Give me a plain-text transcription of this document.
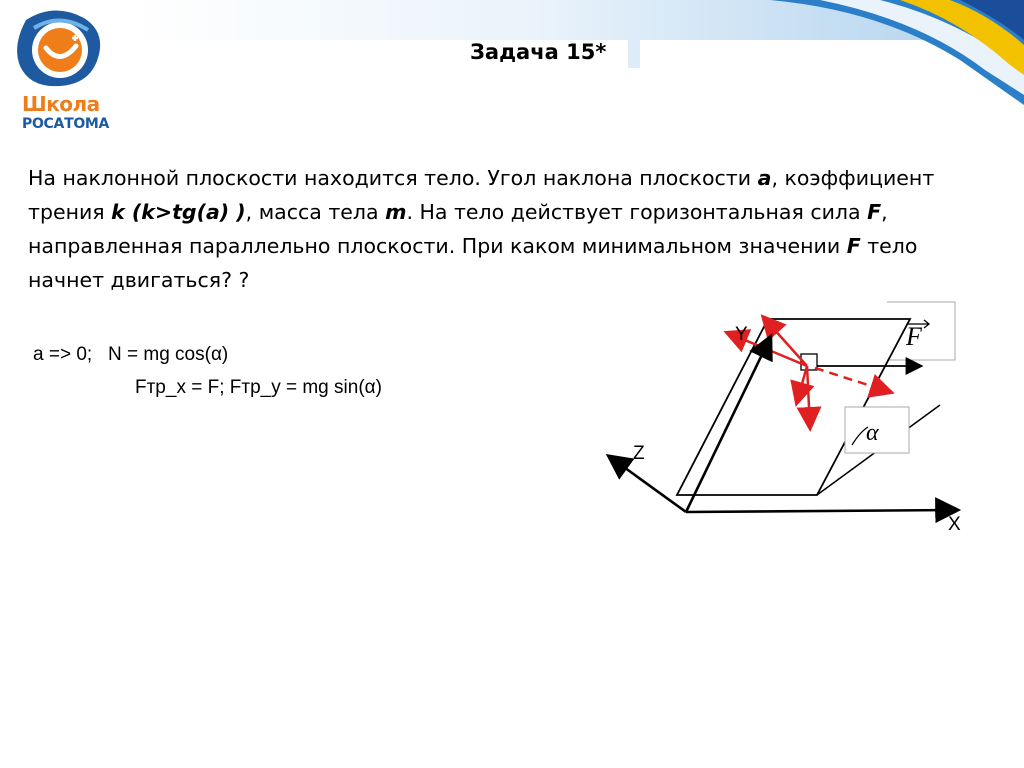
Школа
РОСАТОМА
Задача 15*
На наклонной плоскости находится тело. Угол наклона плоскости a, коэффициент трения k (k>tg(a) ), масса тела m. На тело действует горизонтальная сила F, направленная параллельно плоскости. При каком минимальном значении F тело начнет двигаться? ?
a => 0;   N = mg cos(α)
Fтр_x = F; Fтр_y = mg sin(α)
F
α
Y
Z
X
